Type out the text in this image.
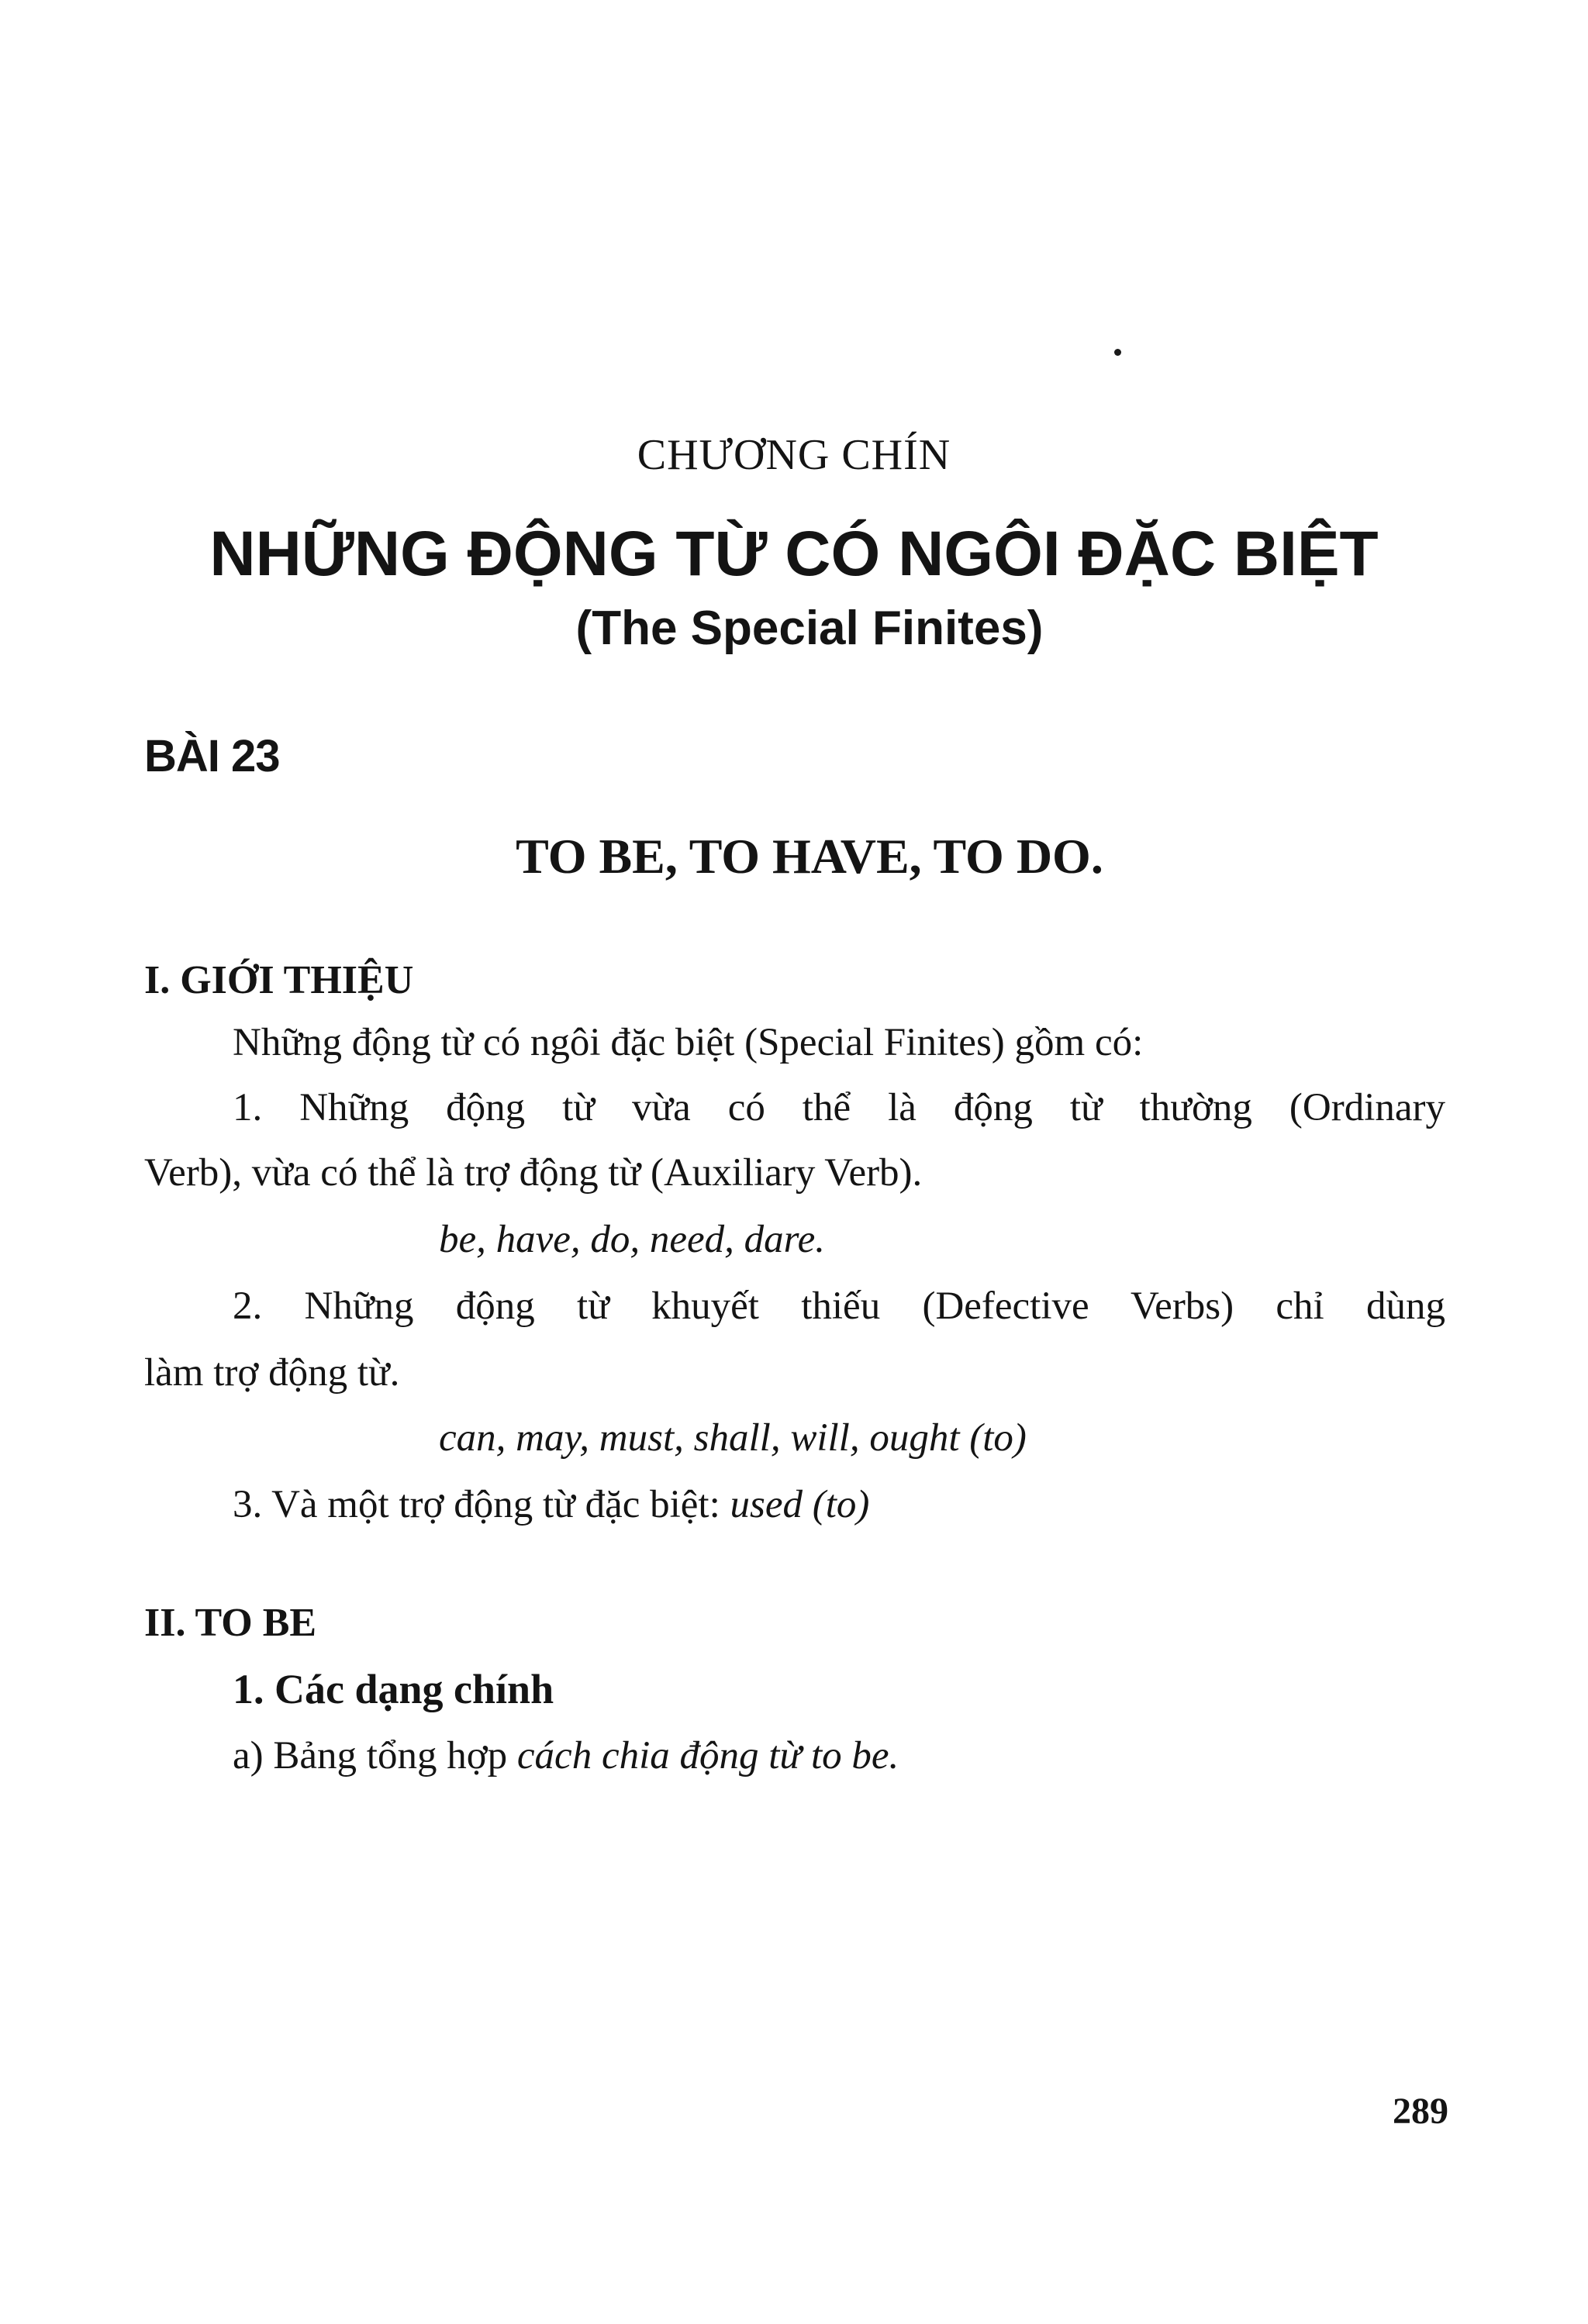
CHƯƠNG CHÍN

NHỮNG ĐỘNG TỪ CÓ NGÔI ĐẶC BIỆT
(The Special Finites)
BÀI 23
TO BE, TO HAVE, TO DO.
I. GIỚI THIỆU
Những động từ có ngôi đặc biệt (Special Finites) gồm có:
1. Những động từ vừa có thể là động từ thường (Ordinary
Verb), vừa có thể là trợ động từ (Auxiliary Verb).
be, have, do, need, dare.
2. Những động từ khuyết thiếu (Defective Verbs) chỉ dùng
làm trợ động từ.
can, may, must, shall, will, ought (to)
3. Và một trợ động từ đặc biệt: used (to)
II. TO BE
1. Các dạng chính
a) Bảng tổng hợp cách chia động từ to be.
289
